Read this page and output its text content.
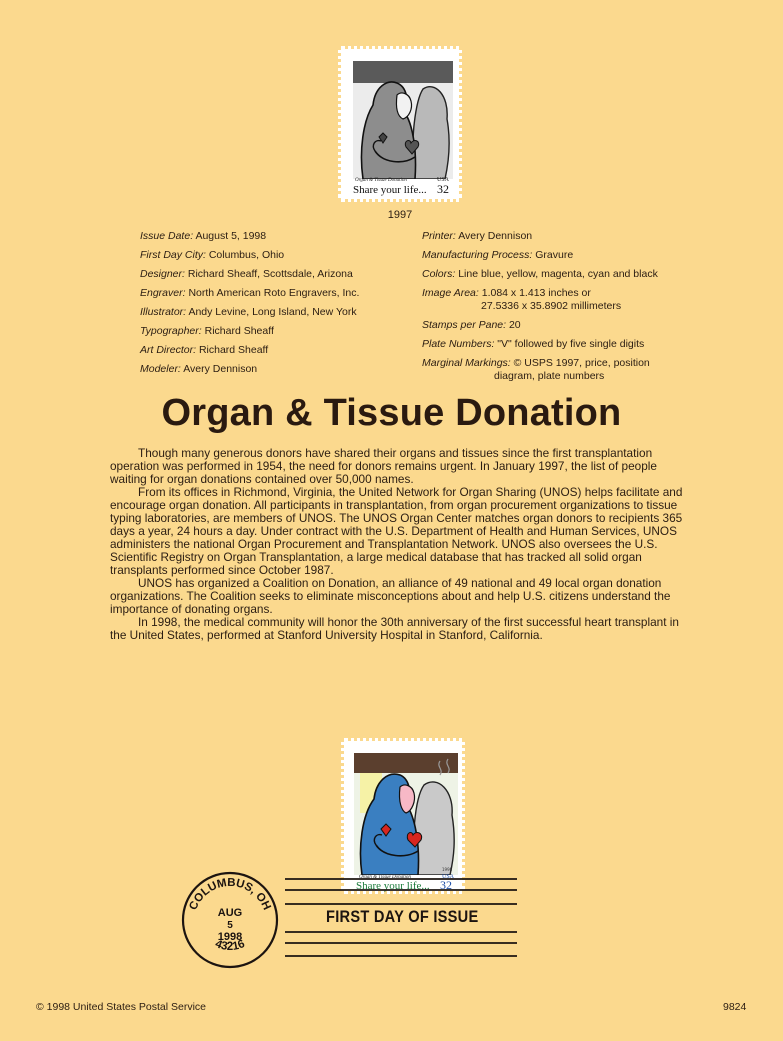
Organ & Tissue Donation
Share your life...
USA
32
1997
Issue Date: August 5, 1998
First Day City: Columbus, Ohio
Designer: Richard Sheaff, Scottsdale, Arizona
Engraver: North American Roto Engravers, Inc.
Illustrator: Andy Levine, Long Island, New York
Typographer: Richard Sheaff
Art Director: Richard Sheaff
Modeler: Avery Dennison
Printer: Avery Dennison
Manufacturing Process: Gravure
Colors: Line blue, yellow, magenta, cyan and black
Image Area: 1.084 x 1.413 inches or
27.5336 x 35.8902 millimeters
Stamps per Pane: 20
Plate Numbers: "V" followed by five single digits
Marginal Markings: © USPS 1997, price, position
diagram, plate numbers
Organ & Tissue Donation

Though many generous donors have shared their organs and tissues since the first transplantation operation was performed in 1954, the need for donors remains urgent. In January 1997, the list of people waiting for organ donations contained over 50,000 names.

From its offices in Richmond, Virginia, the United Network for Organ Sharing (UNOS) helps facilitate and encourage organ donation. All participants in transplantation, from organ procurement organizations to tissue typing laboratories, are members of UNOS. The UNOS Organ Center matches organ donors to recipients 365 days a year, 24 hours a day. Under contract with the U.S. Department of Health and Human Services, UNOS administers the national Organ Procurement and Transplantation Network. UNOS also oversees the U.S. Scientific Registry on Organ Transplantation, a large medical database that has tracked all solid organ transplants performed since October 1987.

UNOS has organized a Coalition on Donation, an alliance of 49 national and 49 local organ donation organizations. The Coalition seeks to eliminate misconceptions about and help U.S. citizens understand the importance of donating organs.

In 1998, the medical community will honor the 30th anniversary of the first successful heart transplant in the United States, performed at Stanford University Hospital in Stanford, California.

1998
Organ & Tissue Donation
Share your life...
USA
32
FIRST DAY OF ISSUE
COLUMBUS, OH
43216
AUG
5
1998
© 1998 United States Postal Service	9824
